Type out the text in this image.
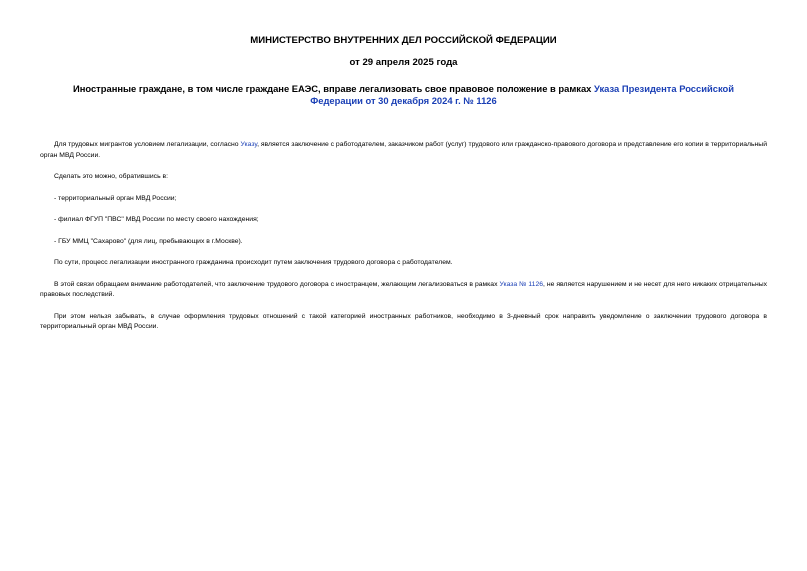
МИНИСТЕРСТВО ВНУТРЕННИХ ДЕЛ РОССИЙСКОЙ ФЕДЕРАЦИИ

от 29 апреля 2025 года

Иностранные граждане, в том числе граждане ЕАЭС, вправе легализовать свое правовое положение в рамках Указа Президента Российской Федерации от 30 декабря 2024 г. № 1126

Для трудовых мигрантов условием легализации, согласно Указу, является заключение с работодателем, заказчиком работ (услуг) трудового или гражданско-правового договора и представление его копии в территориальный орган МВД России.

Сделать это можно, обратившись в:

- территориальный орган МВД России;

- филиал ФГУП "ПВС" МВД России по месту своего нахождения;

- ГБУ ММЦ "Сахарово" (для лиц, пребывающих в г.Москве).

По сути, процесс легализации иностранного гражданина происходит путем заключения трудового договора с работодателем.

В этой связи обращаем внимание работодателей, что заключение трудового договора с иностранцем, желающим легализоваться в рамках Указа № 1126, не является нарушением и не несет для него никаких отрицательных правовых последствий.

При этом нельзя забывать, в случае оформления трудовых отношений с такой категорией иностранных работников, необходимо в 3-дневный срок направить уведомление о заключении трудового договора в территориальный орган МВД России.
